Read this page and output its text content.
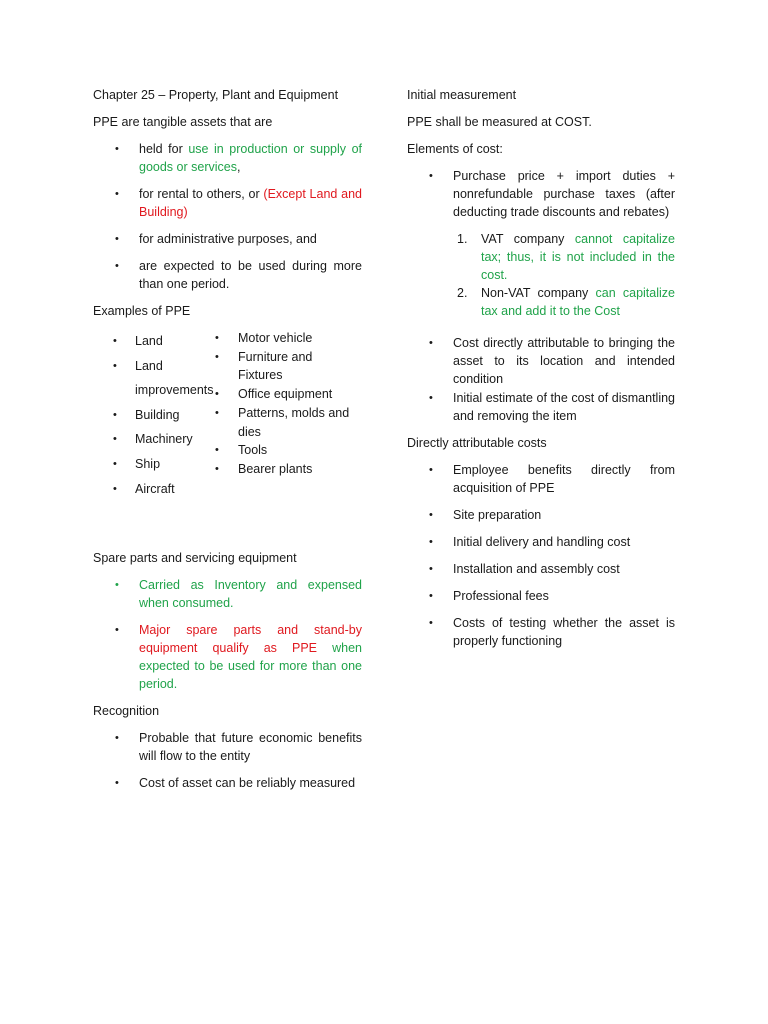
Chapter 25 – Property, Plant and Equipment

PPE are tangible assets that are

• held for use in production or supply of goods or services,
• for rental to others, or (Except Land and Building)
• for administrative purposes, and
• are expected to be used during more than one period.

Examples of PPE

• Land
• Land improvements
• Building
• Machinery
• Ship
• Aircraft
• Motor vehicle
• Furniture and Fixtures
• Office equipment
• Patterns, molds and dies
• Tools
• Bearer plants

Spare parts and servicing equipment

• Carried as Inventory and expensed when consumed.
• Major spare parts and stand-by equipment qualify as PPE when expected to be used for more than one period.

Recognition

• Probable that future economic benefits will flow to the entity
• Cost of asset can be reliably measured

Initial measurement

PPE shall be measured at COST.

Elements of cost:

• Purchase price + import duties + nonrefundable purchase taxes (after deducting trade discounts and rebates)
1. VAT company cannot capitalize tax; thus, it is not included in the cost.
2. Non-VAT company can capitalize tax and add it to the Cost
• Cost directly attributable to bringing the asset to its location and intended condition
• Initial estimate of the cost of dismantling and removing the item

Directly attributable costs

• Employee benefits directly from acquisition of PPE
• Site preparation
• Initial delivery and handling cost
• Installation and assembly cost
• Professional fees
• Costs of testing whether the asset is properly functioning
